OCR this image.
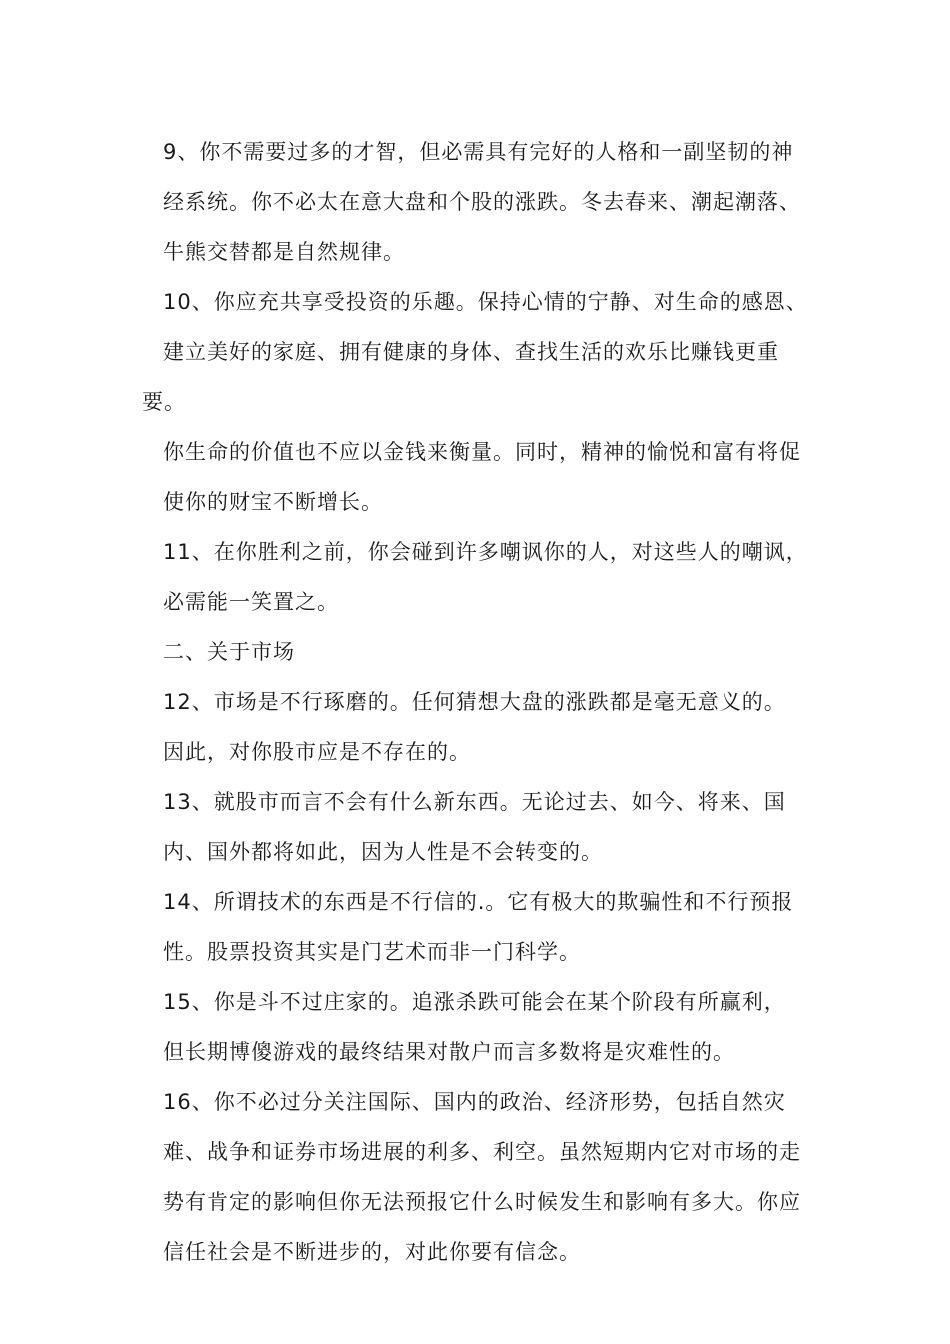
9、你不需要过多的才智，但必需具有完好的人格和一副坚韧的神
经系统。你不必太在意大盘和个股的涨跌。冬去春来、潮起潮落、
牛熊交替都是自然规律。

10、你应充共享受投资的乐趣。保持心情的宁静、对生命的感恩、
建立美好的家庭、拥有健康的身体、查找生活的欢乐比赚钱更重要。
你生命的价值也不应以金钱来衡量。同时，精神的愉悦和富有将促
使你的财宝不断增长。

11、在你胜利之前，你会碰到许多嘲讽你的人，对这些人的嘲讽，
必需能一笑置之。

二、关于市场

12、市场是不行琢磨的。任何猜想大盘的涨跌都是毫无意义的。
因此，对你股市应是不存在的。

13、就股市而言不会有什么新东西。无论过去、如今、将来、国
内、国外都将如此，因为人性是不会转变的。

14、所谓技术的东西是不行信的.。它有极大的欺骗性和不行预报
性。股票投资其实是门艺术而非一门科学。

15、你是斗不过庄家的。追涨杀跌可能会在某个阶段有所赢利，
但长期博傻游戏的最终结果对散户而言多数将是灾难性的。

16、你不必过分关注国际、国内的政治、经济形势，包括自然灾
难、战争和证券市场进展的利多、利空。虽然短期内它对市场的走
势有肯定的影响但你无法预报它什么时候发生和影响有多大。你应
信任社会是不断进步的，对此你要有信念。
